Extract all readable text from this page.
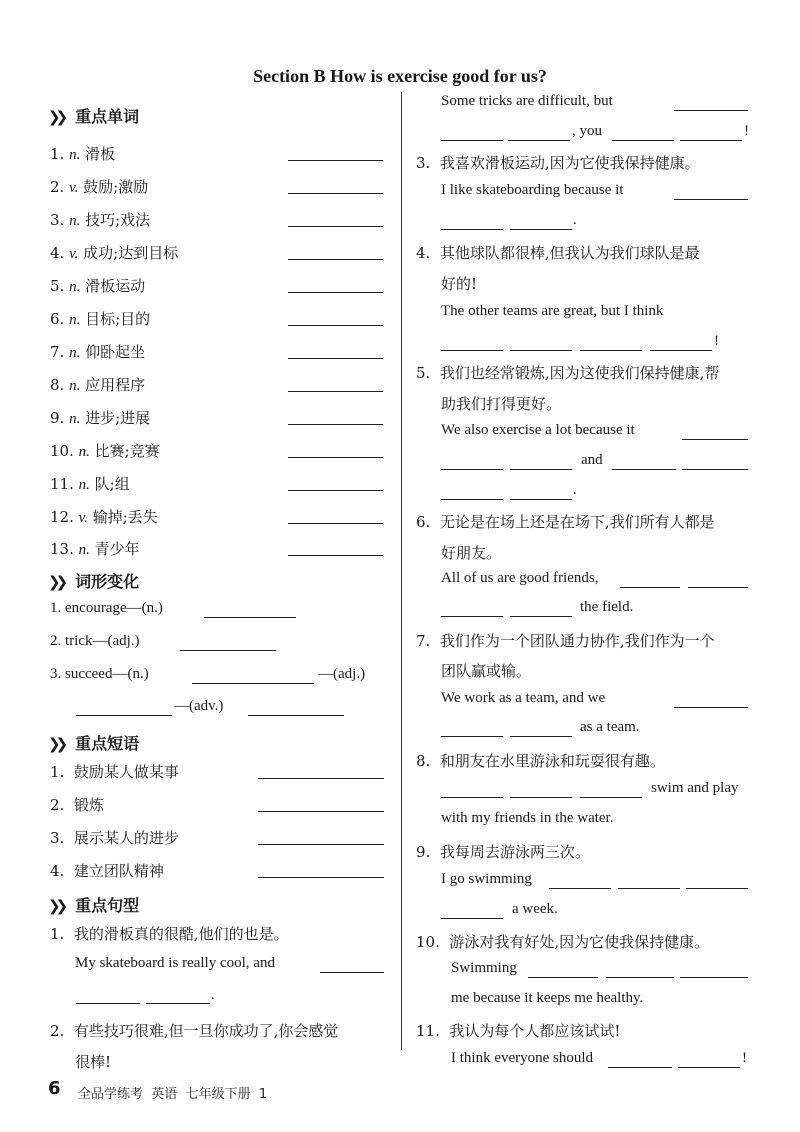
Section B How is exercise good for us?
❯❯ 重点单词
1. n. 滑板
2. v. 鼓励;激励
3. n. 技巧;戏法
4. v. 成功;达到目标
5. n. 滑板运动
6. n. 目标;目的
7. n. 仰卧起坐
8. n. 应用程序
9. n. 进步;进展
10. n. 比赛;竞赛
11. n. 队;组
12. v. 输掉;丢失
13. n. 青少年
❯❯ 词形变化
1. encourage—(n.)
2. trick—(adj.)
3. succeed—(n.)	—(adj.)
—(adv.)
❯❯ 重点短语
1. 鼓励某人做某事
2. 锻炼
3. 展示某人的进步
4. 建立团队精神
❯❯ 重点句型
1. 我的滑板真的很酷,他们的也是。
My skateboard is really cool, and
.
2. 有些技巧很难,但一旦你成功了,你会感觉
很棒!
Some tricks are difficult, but
, you	!
3. 我喜欢滑板运动,因为它使我保持健康。
I like skateboarding because it
.
4. 其他球队都很棒,但我认为我们球队是最
好的!
The other teams are great, but I think
!
5. 我们也经常锻炼,因为这使我们保持健康,帮
助我们打得更好。
We also exercise a lot because it
and
.
6. 无论是在场上还是在场下,我们所有人都是
好朋友。
All of us are good friends,
the field.
7. 我们作为一个团队通力协作,我们作为一个
团队赢或输。
We work as a team, and we
as a team.
8. 和朋友在水里游泳和玩耍很有趣。
swim and play
with my friends in the water.
9. 我每周去游泳两三次。
I go swimming
a week.
10. 游泳对我有好处,因为它使我保持健康。
Swimming
me because it keeps me healthy.
11. 我认为每个人都应该试试!
I think everyone should	!
6 全品学练考 英语 七年级下册 1
